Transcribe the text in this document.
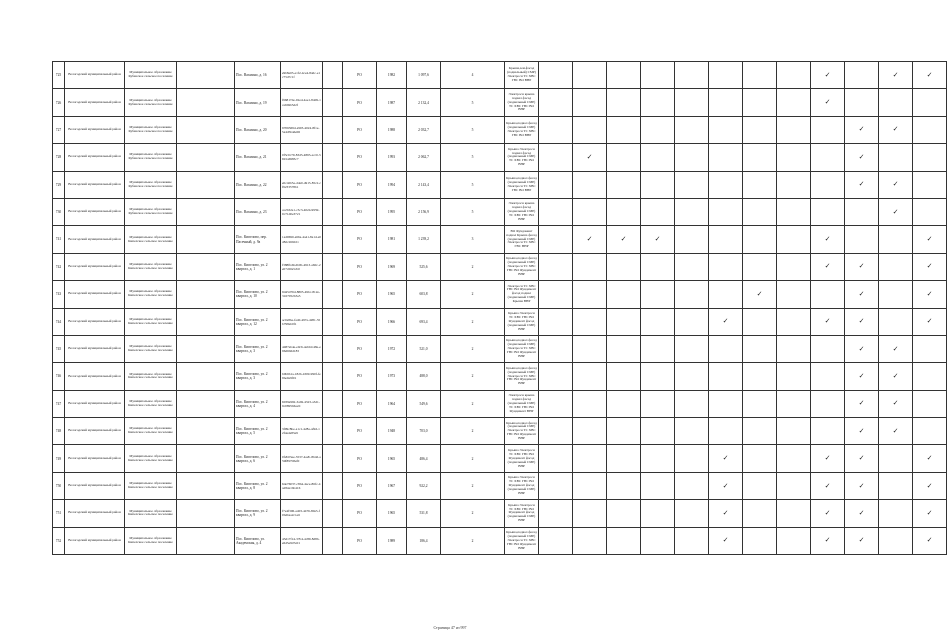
725	Вологодский муниципальный район	Муниципальное образование Кубенское сельское поселение		Пос. Вахмино, д. 16	e9b8e03-e1f2-4ce4-8a6c-e1c75d7c1f		РО	1982	1 097,6	4	Крыша,зем.фасад (подвальный) СМР) Электросн ТС ХВС ГВС ВО ВНР									✓		✓	✓	
726	Вологодский муниципальный район	Муниципальное образование Кубенское сельское поселение		Пос. Вахмино, д. 19	f96817de-02ed-4ae1-8dd9-1ca6b9b5d2f		РО	1987	2 132,4	5	Электросн крыша подвал фасад (подвальный СМР) ТС ХВС ГВС ВО ВНР									✓				
727	Вологодский муниципальный район	Муниципальное образование Кубенское сельское поселение		Пос. Вахмино, д. 20	9706369d-a903-4024-8f1e-5a4d5ba6e06		РО	1988	2 032,7	5	Крыша,подвал фасад (подвальный СМР) Электросн ТС ХВС ГВС ВО ВНР										✓	✓		
728	Вологодский муниципальный район	Муниципальное образование Кубенское сельское поселение		Пос. Вахмино, д. 21	0f5c0c79-83d5-4893-acc0-3691a6983c7		РО	1993	2 062,7	5	Крыша Электросн подвал фасад (подвальный СМР) ТС ХВС ГВС ВО ВНР		✓								✓			
729	Вологодский муниципальный район	Муниципальное образование Кубенское сельское поселение		Пос. Вахмино, д. 22	e0cd2b5a-dda0-4915-85c2-cf9233578b1		РО	1994	2 143,4	5	Крыша,подвал фасад (подвальный СМР) Электросн ТС ХВС ГВС ВО ВНР										✓	✓		
730	Вологодский муниципальный район	Муниципальное образование Кубенское сельское поселение		Пос. Вахмино, д. 23	ce2b32e1-c3c3-4024-9959-0c71d0e3721		РО	1995	2 156,9	5	Электросн крыша подвал фасад (подвальный СМР) ТС ХВС ГВС ВО ВНР											✓		
741	Вологодский муниципальный район	Муниципальное образование Кипелское сельское поселение		Пос. Кипелово, пер. Пасечный, д. 9а	1ad0690-a66a-4a41-8a1d-e0d82c26b021		РО	1981	1 239,2	3	ВО Фундамент подвал Крыша фасад (подвальный СМР) Электросн ТС ХВС ГВС ВНР		✓	✓	✓					✓			✓	
742	Вологодский муниципальный район	Муниципальное образование Кипелское сельское поселение		Пос. Кипелово, ул. 2 квартал, д. 1	f388fbd9-db0b-4913-a60c-2e07c60e5cb0		РО	1969	525,6	2	Крыша,подвал фасад (подвальный СМР) Электросн ТС ХВС ГВС ВО Фундамент ВНР									✓	✓		✓	
743	Вологодский муниципальный район	Муниципальное образование Кипелское сельское поселение		Пос. Кипелово, ул. 2 квартал, д. 10	9d45d76d-8805-49bc-812e-3167052b3a5		РО	1965	603,8	2	Электросн ТС ХВС ГВС ВО Фундамент фасад подвал (подвальный СМР) Крыша ВНР							✓			✓		✓	
744	Вологодский муниципальный район	Муниципальное образование Кипелское сельское поселение		Пос. Кипелово, ул. 2 квартал, д. 12	ac0e8be-fa40-497a-a981-55b798eb0f1		РО	1966	693,4	2	Крыша Электросн ТС ХВС ГВС ВО Фундамент фасад (подвальный СМР) ВНР						✓			✓	✓		✓	
745	Вологодский муниципальный район	Муниципальное образование Кипелское сельское поселение		Пос. Кипелово, ул. 2 квартал, д. 3	4487eb4e-e0c6-4ab0-b48e-e96d6b6d183		РО	1972	521,0	2	Крыша,подвал фасад (подвальный СМР) Электросн ТС ХВС ГВС ВО Фундамент ВНР										✓	✓		
746	Вологодский муниципальный район	Муниципальное образование Кипелское сельское поселение		Пос. Кипелово, ул. 2 квартал, д. 3	b0b6b1a-182b-4309-990f-fe9be0e9f01		РО	1973	488,0	2	Крыша,подвал фасад (подвальный СМР) Электросн ТС ХВС ГВС ВО Фундамент ВНР										✓	✓		
747	Вологодский муниципальный район	Муниципальное образование Кипелское сельское поселение		Пос. Кипелово, ул. 2 квартал, д. 4	6039a992-3ab9-4323-a3d1-9c0895b6a2d		РО	1964	549,6	2	Электросн крыша подвал фасад (подвальный СМР) ТС ХВС ГВС ВО Фундамент ВНР										✓	✓		
748	Вологодский муниципальный район	Муниципальное образование Кипелское сельское поселение		Пос. Кипелово, ул. 2 квартал, д. 5	3f99c8be-a1c1-428a-af9d-12f4ade83a9		РО	1948	703,0	2	Крыша,подвал фасад (подвальный СМР) Электросн ТС ХВС ГВС ВО Фундамент ВНР										✓	✓		
749	Вологодский муниципальный район	Муниципальное образование Кипелское сельское поселение		Пос. Кипелово, ул. 2 квартал, д. 6	0f2b03ee-3537-4a2b-8bdd-a59f897b8ef0		РО	1965	486,4	2	Крыша Электросн ТС ХВС ГВС ВО Фундамент фасад (подвальный СМР) ВНР						✓			✓	✓		✓	
750	Вологодский муниципальный район	Муниципальное образование Кипелское сельское поселение		Пос. Кипелово, ул. 2 квартал, д. 8	6de76037-c8b4-4ace-86fc-4a284a1bb416		РО	1967	922,2	2	Крыша Электросн ТС ХВС ГВС ВО Фундамент фасад (подвальный СМР) ВНР						✓			✓	✓		✓	
751	Вологодский муниципальный район	Муниципальное образование Кипелское сельское поселение		Пос. Кипелово, ул. 2 квартал, д. 9	f7e4f306-a403-4476-80a5-f0bdbaa2c1e6		РО	1965	531,8	2	Крыша Электросн ТС ХВС ГВС ВО Фундамент фасад (подвальный СМР) ВНР						✓			✓	✓		✓	
752	Вологодский муниципальный район	Муниципальное образование Кипелское сельское поселение		Пос. Кипелово, ул. Академская, д. 4	43d17f14-37b4-4c89-8d8b-e6d5e9d7e01		РО	1989	186,4	2	Крыша,подвал фасад (подвальный СМР) Электросн ТС ХВС ГВС ВО Фундамент ВНР						✓			✓	✓		✓	
Страница 47 из 997
